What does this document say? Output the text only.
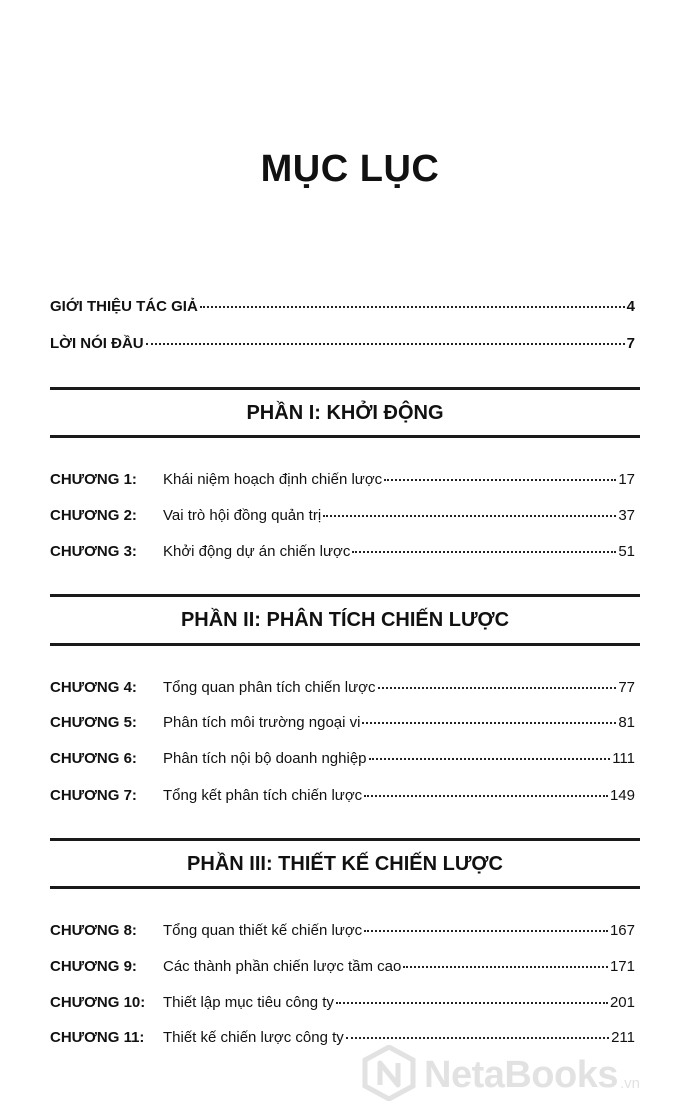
MỤC LỤC
GIỚI THIỆU TÁC GIẢ	4
LỜI NÓI ĐẦU	7
PHẦN I: KHỞI ĐỘNG
CHƯƠNG 1:	Khái niệm hoạch định chiến lược	17
CHƯƠNG 2:	Vai trò hội đồng quản trị	37
CHƯƠNG 3:	Khởi động dự án chiến lược	51
PHẦN II: PHÂN TÍCH CHIẾN LƯỢC
CHƯƠNG 4:	Tổng quan phân tích chiến lược	77
CHƯƠNG 5:	Phân tích môi trường ngoại vi	81
CHƯƠNG 6:	Phân tích nội bộ doanh nghiệp	111
CHƯƠNG 7:	Tổng kết phân tích chiến lược	149
PHẦN III: THIẾT KẾ CHIẾN LƯỢC
CHƯƠNG 8:	Tổng quan thiết kế chiến lược	167
CHƯƠNG 9:	Các thành phần chiến lược tầm cao	171
CHƯƠNG 10:	Thiết lập mục tiêu công ty	201
CHƯƠNG 11:	Thiết kế chiến lược công ty	211
NetaBooks .vn
